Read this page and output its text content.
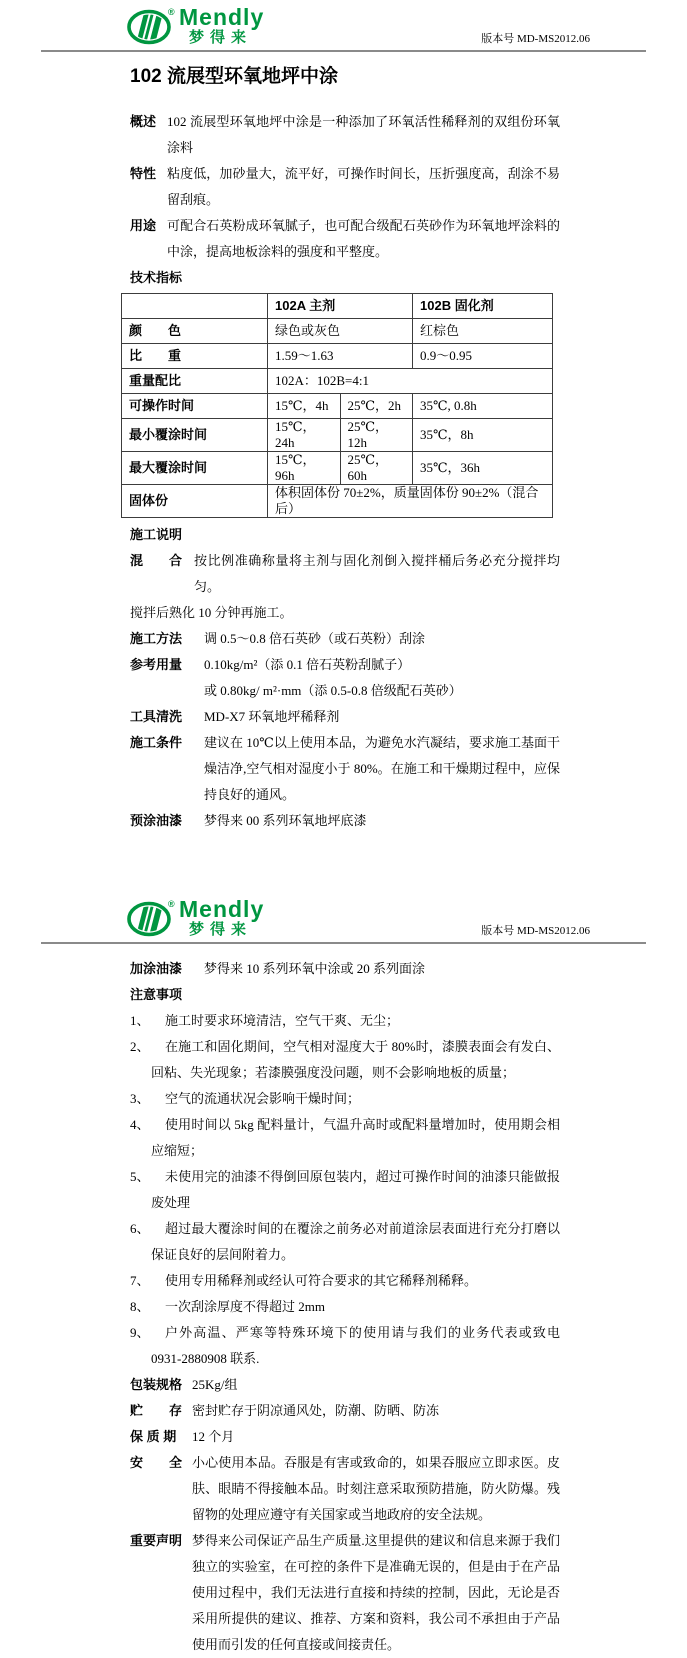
® Mendly
梦得来	版本号 MD-MS2012.06
102 流展型环氧地坪中涂
概述 102 流展型环氧地坪中涂是一种添加了环氧活性稀释剂的双组份环氧涂料
特性 粘度低，加砂量大，流平好，可操作时间长，压折强度高，刮涂不易留刮痕。
用途 可配合石英粉成环氧腻子，也可配合级配石英砂作为环氧地坪涂料的中涂，提高地板涂料的强度和平整度。
技术指标
	102A 主剂		102B 固化剂
颜　　色	绿色或灰色		红棕色
比　　重	1.59～1.63		0.9～0.95
重量配比	102A：102B=4:1		
可操作时间	15℃，4h	25℃，2h	35℃, 0.8h
最小覆涂时间	15℃，24h	25℃，12h	35℃，8h
最大覆涂时间	15℃，96h	25℃，60h	35℃，36h
固体份	体积固体份 70±2%，质量固体份 90±2%（混合后）		
施工说明
混　　合 按比例准确称量将主剂与固化剂倒入搅拌桶后务必充分搅拌均匀。
搅拌后熟化 10 分钟再施工。
施工方法	调 0.5～0.8 倍石英砂（或石英粉）刮涂
参考用量	0.10kg/m²（添 0.1 倍石英粉刮腻子）
或 0.80kg/ m²·mm（添 0.5-0.8 倍级配石英砂）
工具清洗	MD-X7 环氧地坪稀释剂
施工条件	建议在 10℃以上使用本品，为避免水汽凝结，要求施工基面干燥洁净,空气相对湿度小于 80%。在施工和干燥期过程中，应保持良好的通风。
预涂油漆	梦得来 00 系列环氧地坪底漆
® Mendly
梦得来	版本号 MD-MS2012.06
加涂油漆	梦得来 10 系列环氧中涂或 20 系列面涂
注意事项
1、	施工时要求环境清洁，空气干爽、无尘；
2、	在施工和固化期间，空气相对湿度大于 80%时，漆膜表面会有发白、回粘、失光现象；若漆膜强度没问题，则不会影响地板的质量；
3、	空气的流通状况会影响干燥时间；
4、	使用时间以 5kg 配料量计，气温升高时或配料量增加时，使用期会相应缩短；
5、	未使用完的油漆不得倒回原包装内，超过可操作时间的油漆只能做报废处理
6、	超过最大覆涂时间的在覆涂之前务必对前道涂层表面进行充分打磨以保证良好的层间附着力。
7、	使用专用稀释剂或经认可符合要求的其它稀释剂稀释。
8、	一次刮涂厚度不得超过 2mm
9、	户外高温、严寒等特殊环境下的使用请与我们的业务代表或致电 0931-2880908 联系.
包装规格 25Kg/组
贮　　存 密封贮存于阴凉通风处，防潮、防晒、防冻
保 质 期	12 个月
安　　全 小心使用本品。吞服是有害或致命的，如果吞服应立即求医。皮肤、眼睛不得接触本品。时刻注意采取预防措施，防火防爆。残留物的处理应遵守有关国家或当地政府的安全法规。
重要声明 梦得来公司保证产品生产质量.这里提供的建议和信息来源于我们独立的实验室，在可控的条件下是准确无误的，但是由于在产品使用过程中，我们无法进行直接和持续的控制，因此，无论是否采用所提供的建议、推荐、方案和资料，我公司不承担由于产品使用而引发的任何直接或间接责任。
